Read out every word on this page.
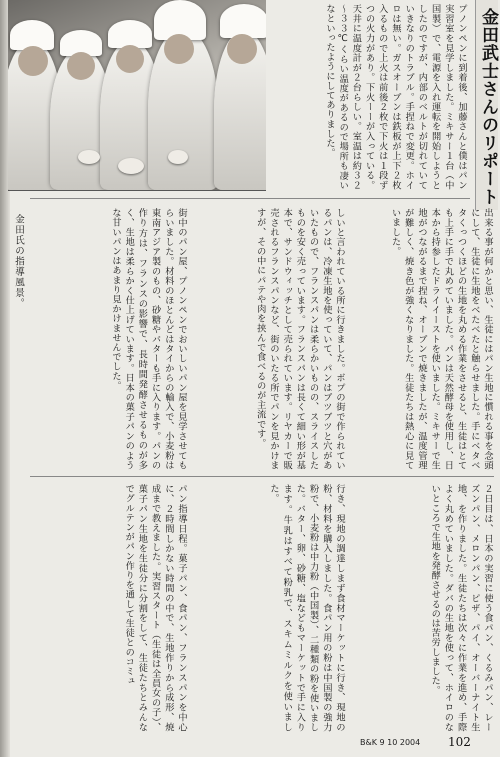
金田氏の指導風景。
金田武士さんのリポート
プノンペンに到着後、加藤さんと僕はパン実習室を見学しました。ミキサー１台（中国製）で、電源を入れ運転を開始しようとしたのですが、内部のベルトが切れていていきなりのトラブル。手捏ねで変更。ホイロは無い。ガスオーブンは鉄板が上下２枚入るもので上火は前後２枚で下火は１段ずつの火力があり。下火ーーが入っている。天井に温度計が２台らしい。室温は約３２～３３℃くらい温度があるので場所も凄いなといったようにしてありました。
出来る事が何かと思い、生徒にはパン生地に慣れる事を念頭にして、生徒に生地をべたべたと触らせました。手にベタベタくっつくほどの生地を丸める作業をさせると、生徒はとても上手に手で丸めていました。パンは天然酵母を使用し、日本から持参したドライイーストを使いました。ミキサーで生地がつながるまで捏ね、オーブンで焼きましたが、温度管理が難しく、焼き色が強くなりました。生徒たちは熱心に見ていました。
しいと言われている所に行きました。ボプの街で作られているパンは、冷凍生地を使っていて、パンはブツブツと穴があいたもので、フランスパンは柔らかいものの、スライスしたものを安く売っています。フランスパンは長くて細い形が基本で、サンドウィッチとして売られています。リヤカーで販売されるフランスパンなど、街のいたる所でパンを見かけますが、その中にパテや肉を挟んで食べるのが主流です。
街中のパン屋、プノンペンでおいしいパン屋を見学させてもらいました。材料のほとんどはタイからの輸入で、小麦粉は東南アジア製のもの、砂糖やバターも手に入ります。パンの作り方は、フランスの影響で、長時間発酵させるものが多く、生地は柔らかく仕上げています。日本の菓子パンのような甘いパンはあまり見かけませんでした。
２日目は、日本の実習に使う食パン、くるみパン、レーズンパン、メロンパン、ピザ、パイ、オーバーナイト生地、を作りました。生徒たちは次々に作業を進め、手際よく丸めていました。ダバの生地を使って、ホイロのないところで生地を発酵させるのは苦労しました。
行き、現地の調達しまず食材マーケットに行き、現地の粉、材料を購入しました。食パン用の粉は中国製の強力粉で、小麦粉は中力粉（中国製）、二種類の粉を使いました。バター、卵、砂糖、塩などもマーケットで手に入ります。牛乳はすべて粉乳で、スキムミルクを使いました。
パン指導日程。菓子パン、食パン、フランスパンを中心に、２時間しかない時間の中で、生地作りから成形、焼成まで教えました。実習スタート（生徒は全員女の子）、菓子パン生地を生徒分に分割をして、生徒たちとみんなでグルテンがパン作りを通して生徒とのコミュ
B&K 9 10 2004 102
